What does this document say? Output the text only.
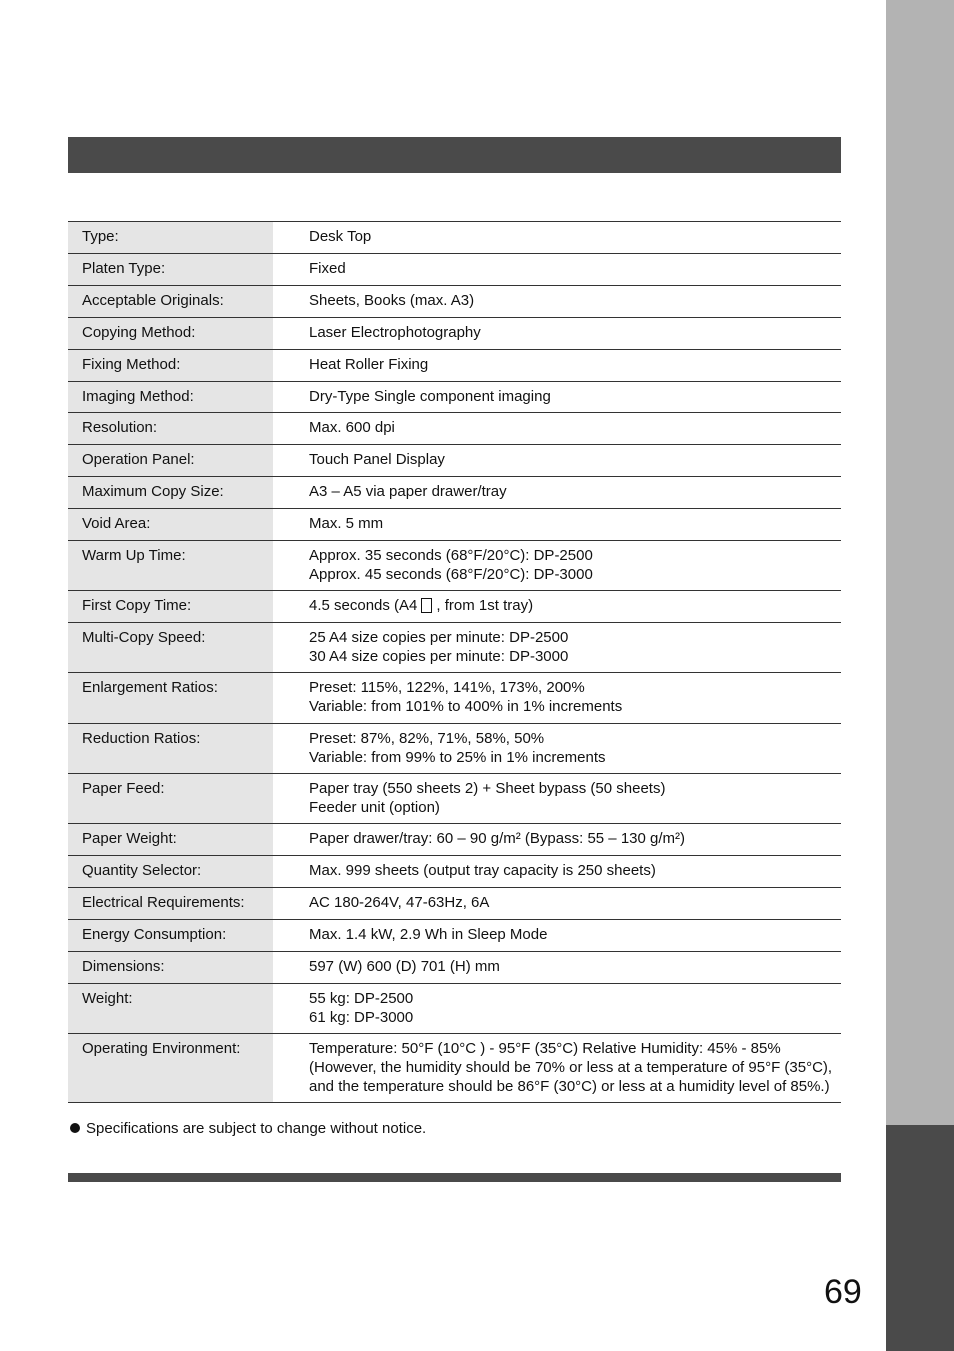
Type:	Desk Top
Platen Type:	Fixed
Acceptable Originals:	Sheets, Books (max. A3)
Copying Method:	Laser Electrophotography
Fixing Method:	Heat Roller Fixing
Imaging Method:	Dry-Type Single component imaging
Resolution:	Max. 600 dpi
Operation Panel:	Touch Panel Display
Maximum Copy Size:	A3 – A5 via paper drawer/tray
Void Area:	Max. 5 mm
Warm Up Time:	Approx. 35 seconds (68°F/20°C): DP-2500
Approx. 45 seconds (68°F/20°C): DP-3000
First Copy Time:	4.5 seconds (A4 , from 1st tray)
Multi-Copy Speed:	25 A4 size copies per minute: DP-2500
30 A4 size copies per minute: DP-3000
Enlargement Ratios:	Preset: 115%, 122%, 141%, 173%, 200%
Variable: from 101% to 400% in 1% increments
Reduction Ratios:	Preset: 87%, 82%, 71%, 58%, 50%
Variable: from 99% to 25% in 1% increments
Paper Feed:	Paper tray (550 sheets 2) + Sheet bypass (50 sheets)
Feeder unit (option)
Paper Weight:	Paper drawer/tray: 60 – 90 g/m² (Bypass: 55 – 130 g/m²)
Quantity Selector:	Max. 999 sheets (output tray capacity is 250 sheets)
Electrical Requirements:	AC 180-264V, 47-63Hz, 6A
Energy Consumption:	Max. 1.4 kW, 2.9 Wh in Sleep Mode
Dimensions:	597 (W) 600 (D) 701 (H) mm
Weight:	55 kg: DP-2500
61 kg: DP-3000
Operating Environment:	Temperature: 50°F (10°C ) - 95°F (35°C) Relative Humidity: 45% - 85%
(However, the humidity should be 70% or less at a temperature of 95°F (35°C),
and the temperature should be 86°F (30°C) or less at a humidity level of 85%.)
Specifications are subject to change without notice.
69
